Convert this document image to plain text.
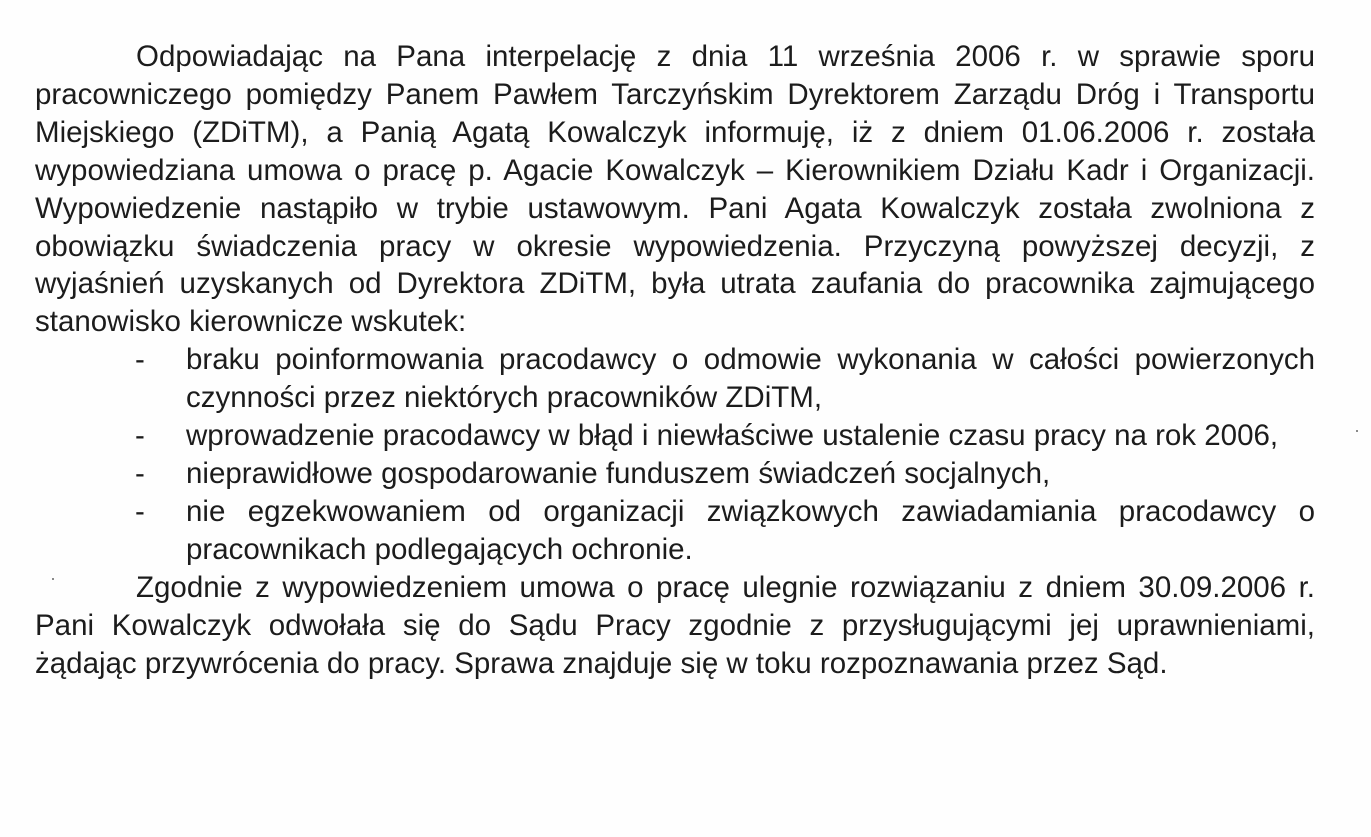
Odpowiadając na Pana interpelację z dnia 11 września 2006 r. w sprawie sporu pracowniczego pomiędzy Panem Pawłem Tarczyńskim Dyrektorem Zarządu Dróg i Transportu Miejskiego (ZDiTM), a Panią Agatą Kowalczyk informuję, iż z dniem 01.06.2006 r. została wypowiedziana umowa o pracę p. Agacie Kowalczyk – Kierownikiem Działu Kadr i Organizacji. Wypowiedzenie nastąpiło w trybie ustawowym. Pani Agata Kowalczyk została zwolniona z obowiązku świadczenia pracy w okresie wypowiedzenia. Przyczyną powyższej decyzji, z wyjaśnień uzyskanych od Dyrektora ZDiTM, była utrata zaufania do pracownika zajmującego stanowisko kierownicze wskutek:

- braku poinformowania pracodawcy o odmowie wykonania w całości powierzonych czynności przez niektórych pracowników ZDiTM,
- wprowadzenie pracodawcy w błąd i niewłaściwe ustalenie czasu pracy na rok 2006,
- nieprawidłowe gospodarowanie funduszem świadczeń socjalnych,
- nie egzekwowaniem od organizacji związkowych zawiadamiania pracodawcy o pracownikach podlegających ochronie.

Zgodnie z wypowiedzeniem umowa o pracę ulegnie rozwiązaniu z dniem 30.09.2006 r. Pani Kowalczyk odwołała się do Sądu Pracy zgodnie z przysługującymi jej uprawnieniami, żądając przywrócenia do pracy. Sprawa znajduje się w toku rozpoznawania przez Sąd.
